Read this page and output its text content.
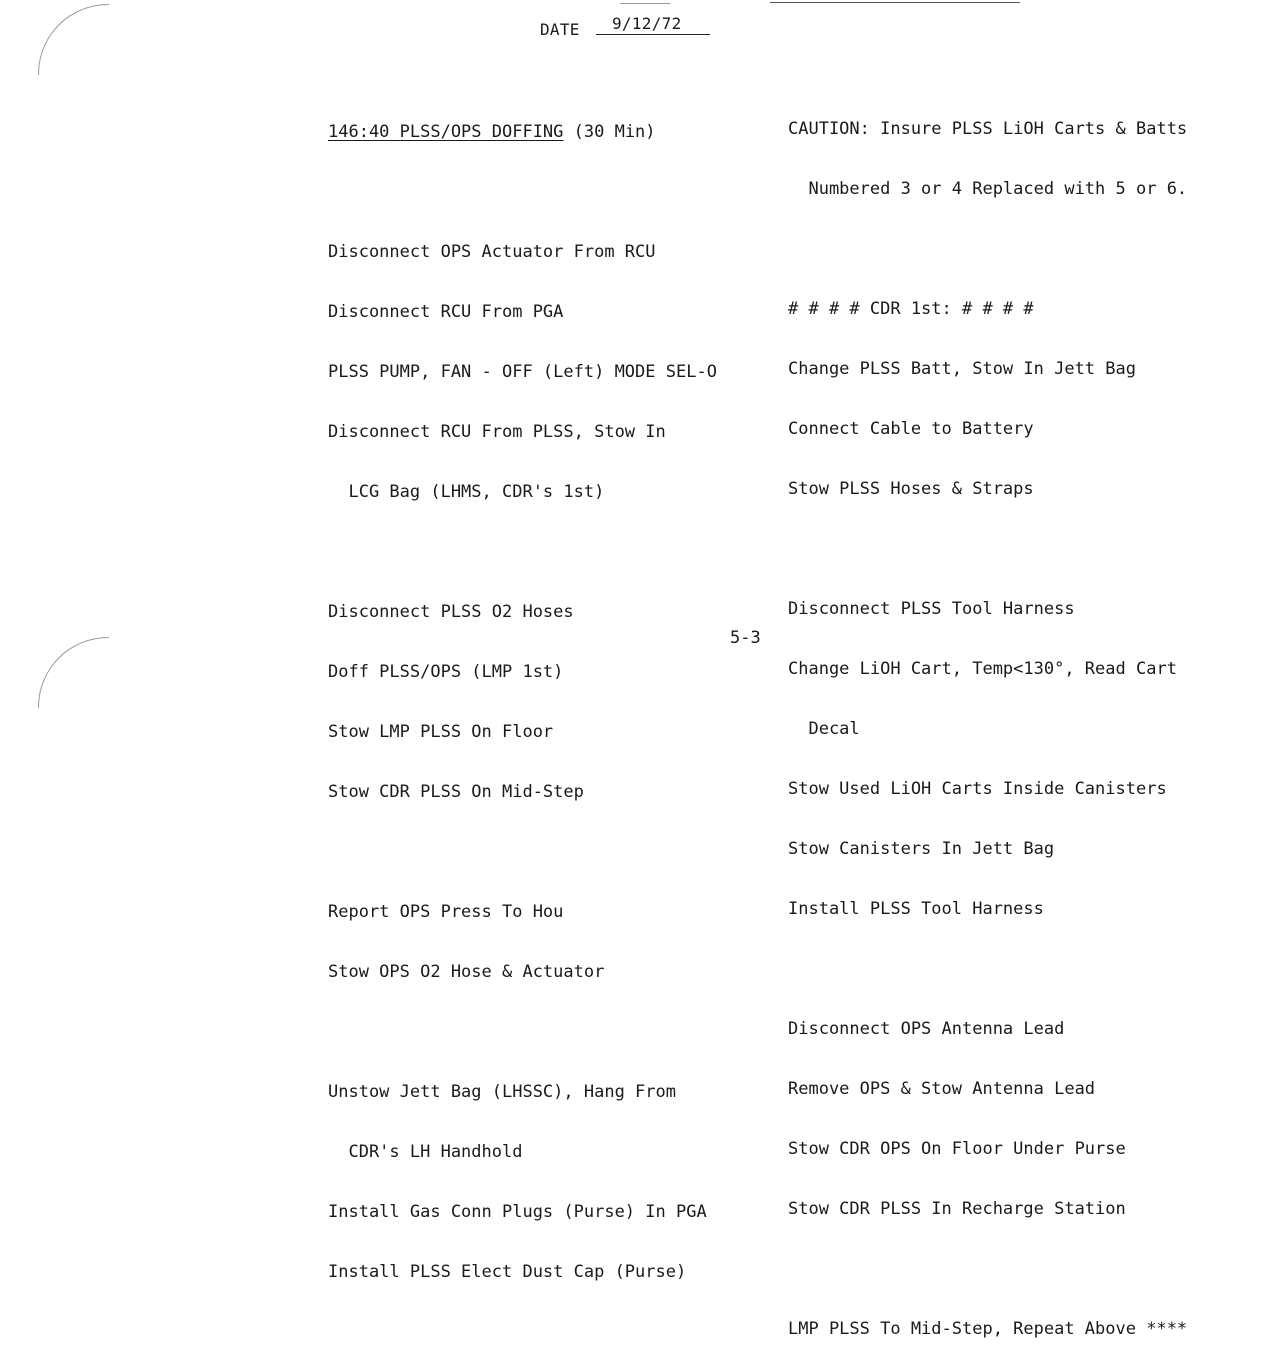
DATE	9/12/72

146:40 PLSS/OPS DOFFING (30 Min)

Disconnect OPS Actuator From RCU

Disconnect RCU From PGA

PLSS PUMP, FAN - OFF (Left) MODE SEL-O

Disconnect RCU From PLSS, Stow In

LCG Bag (LHMS, CDR's 1st)

Disconnect PLSS O2 Hoses

Doff PLSS/OPS (LMP 1st)

Stow LMP PLSS On Floor

Stow CDR PLSS On Mid-Step

Report OPS Press To Hou

Stow OPS O2 Hose & Actuator

Unstow Jett Bag (LHSSC), Hang From

CDR's LH Handhold

Install Gas Conn Plugs (Purse) In PGA

Install PLSS Elect Dust Cap (Purse)

CAUTION: Insure PLSS LiOH Carts & Batts

Numbered 3 or 4 Replaced with 5 or 6.

# # # # CDR 1st: # # # #

Change PLSS Batt, Stow In Jett Bag

Connect Cable to Battery

Stow PLSS Hoses & Straps

Disconnect PLSS Tool Harness

Change LiOH Cart, Temp<130°, Read Cart

Decal

Stow Used LiOH Carts Inside Canisters

Stow Canisters In Jett Bag

Install PLSS Tool Harness

Disconnect OPS Antenna Lead

Remove OPS & Stow Antenna Lead

Stow CDR OPS On Floor Under Purse

Stow CDR PLSS In Recharge Station

LMP PLSS To Mid-Step, Repeat Above ****

5-3
